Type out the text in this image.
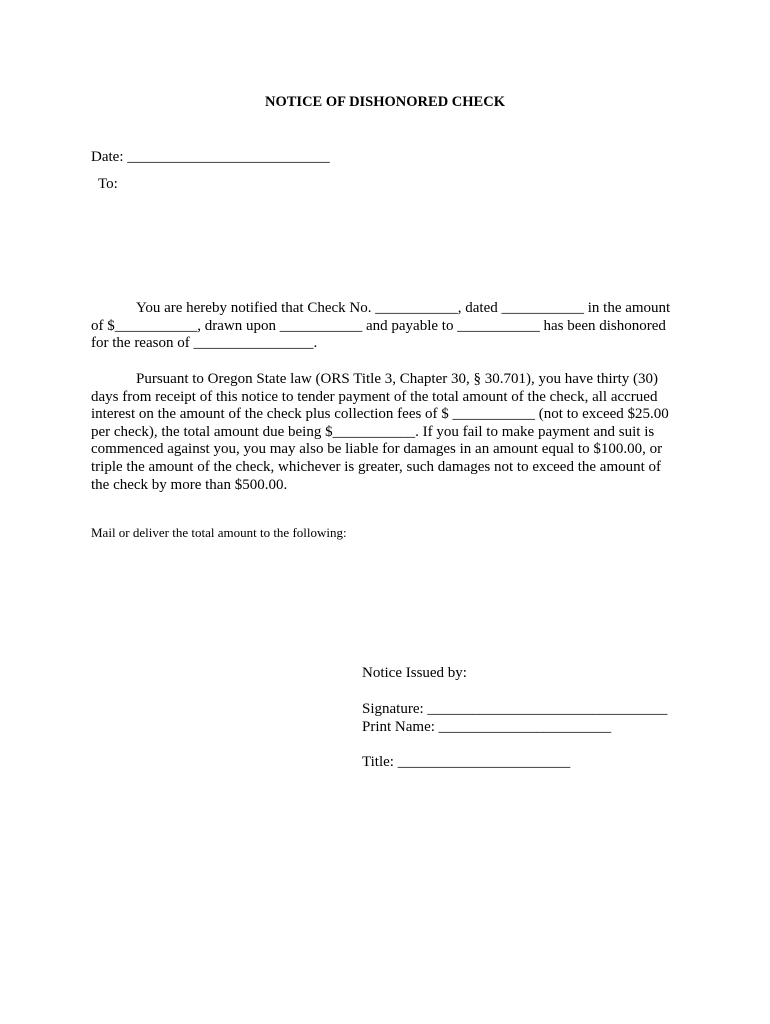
NOTICE OF DISHONORED CHECK
Date: ___________________________
To:
You are hereby notified that Check No. ___________, dated ___________ in the amount
of $___________, drawn upon ___________ and payable to ___________ has been dishonored
for the reason of ________________.
Pursuant to Oregon State law (ORS Title 3, Chapter 30, § 30.701), you have thirty (30)
days from receipt of this notice to tender payment of the total amount of the check, all accrued
interest on the amount of the check plus collection fees of $ ___________ (not to exceed $25.00
per check), the total amount due being $___________. If you fail to make payment and suit is
commenced against you, you may also be liable for damages in an amount equal to $100.00, or
triple the amount of the check, whichever is greater, such damages not to exceed the amount of
the check by more than $500.00.
Mail or deliver the total amount to the following:
Notice Issued by:
Signature: ________________________________
Print Name: _______________________
Title: _______________________
